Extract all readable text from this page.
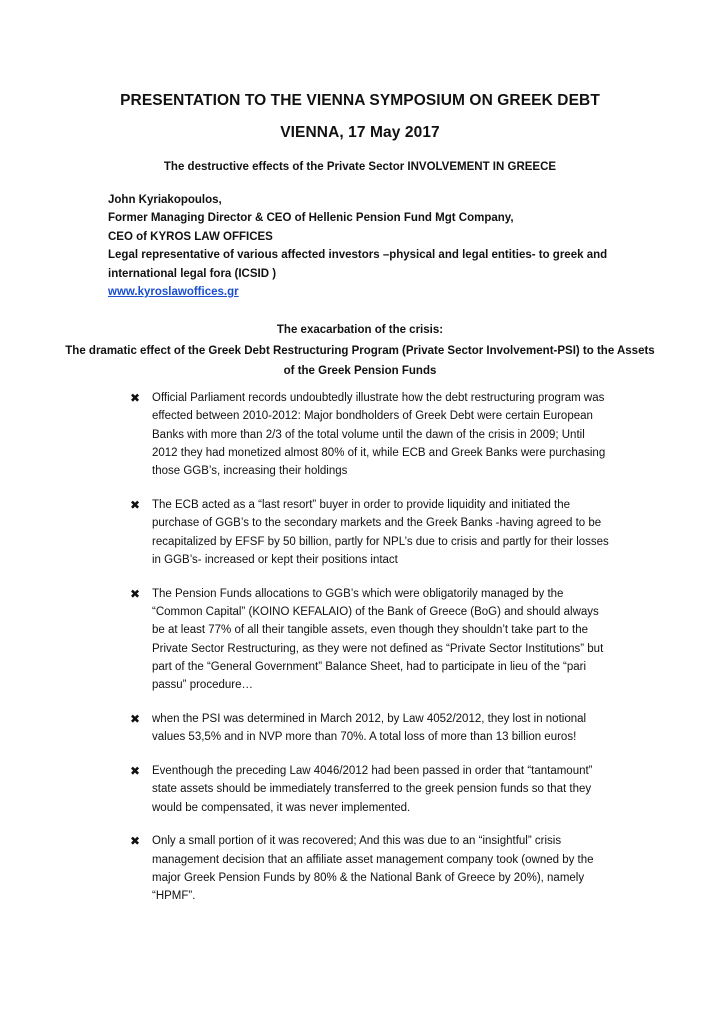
PRESENTATION TO THE VIENNA SYMPOSIUM ON GREEK DEBT
VIENNA, 17 May 2017

The destructive effects of the Private Sector INVOLVEMENT IN GREECE

John Kyriakopoulos,
Former Managing Director & CEO of Hellenic Pension Fund Mgt Company,
CEO of KYROS LAW OFFICES
Legal representative of various affected investors –physical and legal entities- to greek and international legal fora (ICSID )
www.kyroslawoffices.gr
The exacarbation of the crisis:
The dramatic effect of the Greek Debt Restructuring Program (Private Sector Involvement-PSI) to the Assets of the Greek Pension Funds
✖ Official Parliament records undoubtedly illustrate how the debt restructuring program was effected between 2010-2012: Major bondholders of Greek Debt were certain European Banks with more than 2/3 of the total volume until the dawn of the crisis in 2009; Until 2012 they had monetized almost 80% of it, while ECB and Greek Banks were purchasing those GGB’s, increasing their holdings
✖ The ECB acted as a “last resort” buyer in order to provide liquidity and initiated the purchase of GGB’s to the secondary markets and the Greek Banks -having agreed to be recapitalized by EFSF by 50 billion, partly for NPL’s due to crisis and partly for their losses in GGB’s- increased or kept their positions intact
✖ The Pension Funds allocations to GGB’s which were obligatorily managed by the “Common Capital” (KOINO KEFALAIO) of the Bank of Greece (BoG) and should always be at least 77% of all their tangible assets, even though they shouldn’t take part to the Private Sector Restructuring, as they were not defined as “Private Sector Institutions” but part of the “General Government” Balance Sheet, had to participate in lieu of the “pari passu” procedure…
✖ when the PSI was determined in March 2012, by Law 4052/2012, they lost in notional values 53,5% and in NVP more than 70%. A total loss of more than 13 billion euros!
✖ Eventhough the preceding Law 4046/2012 had been passed in order that “tantamount” state assets should be immediately transferred to the greek pension funds so that they would be compensated, it was never implemented.
✖ Only a small portion of it was recovered; And this was due to an “insightful” crisis management decision that an affiliate asset management company took (owned by the major Greek Pension Funds by 80% & the National Bank of Greece by 20%), namely “HPMF”.
